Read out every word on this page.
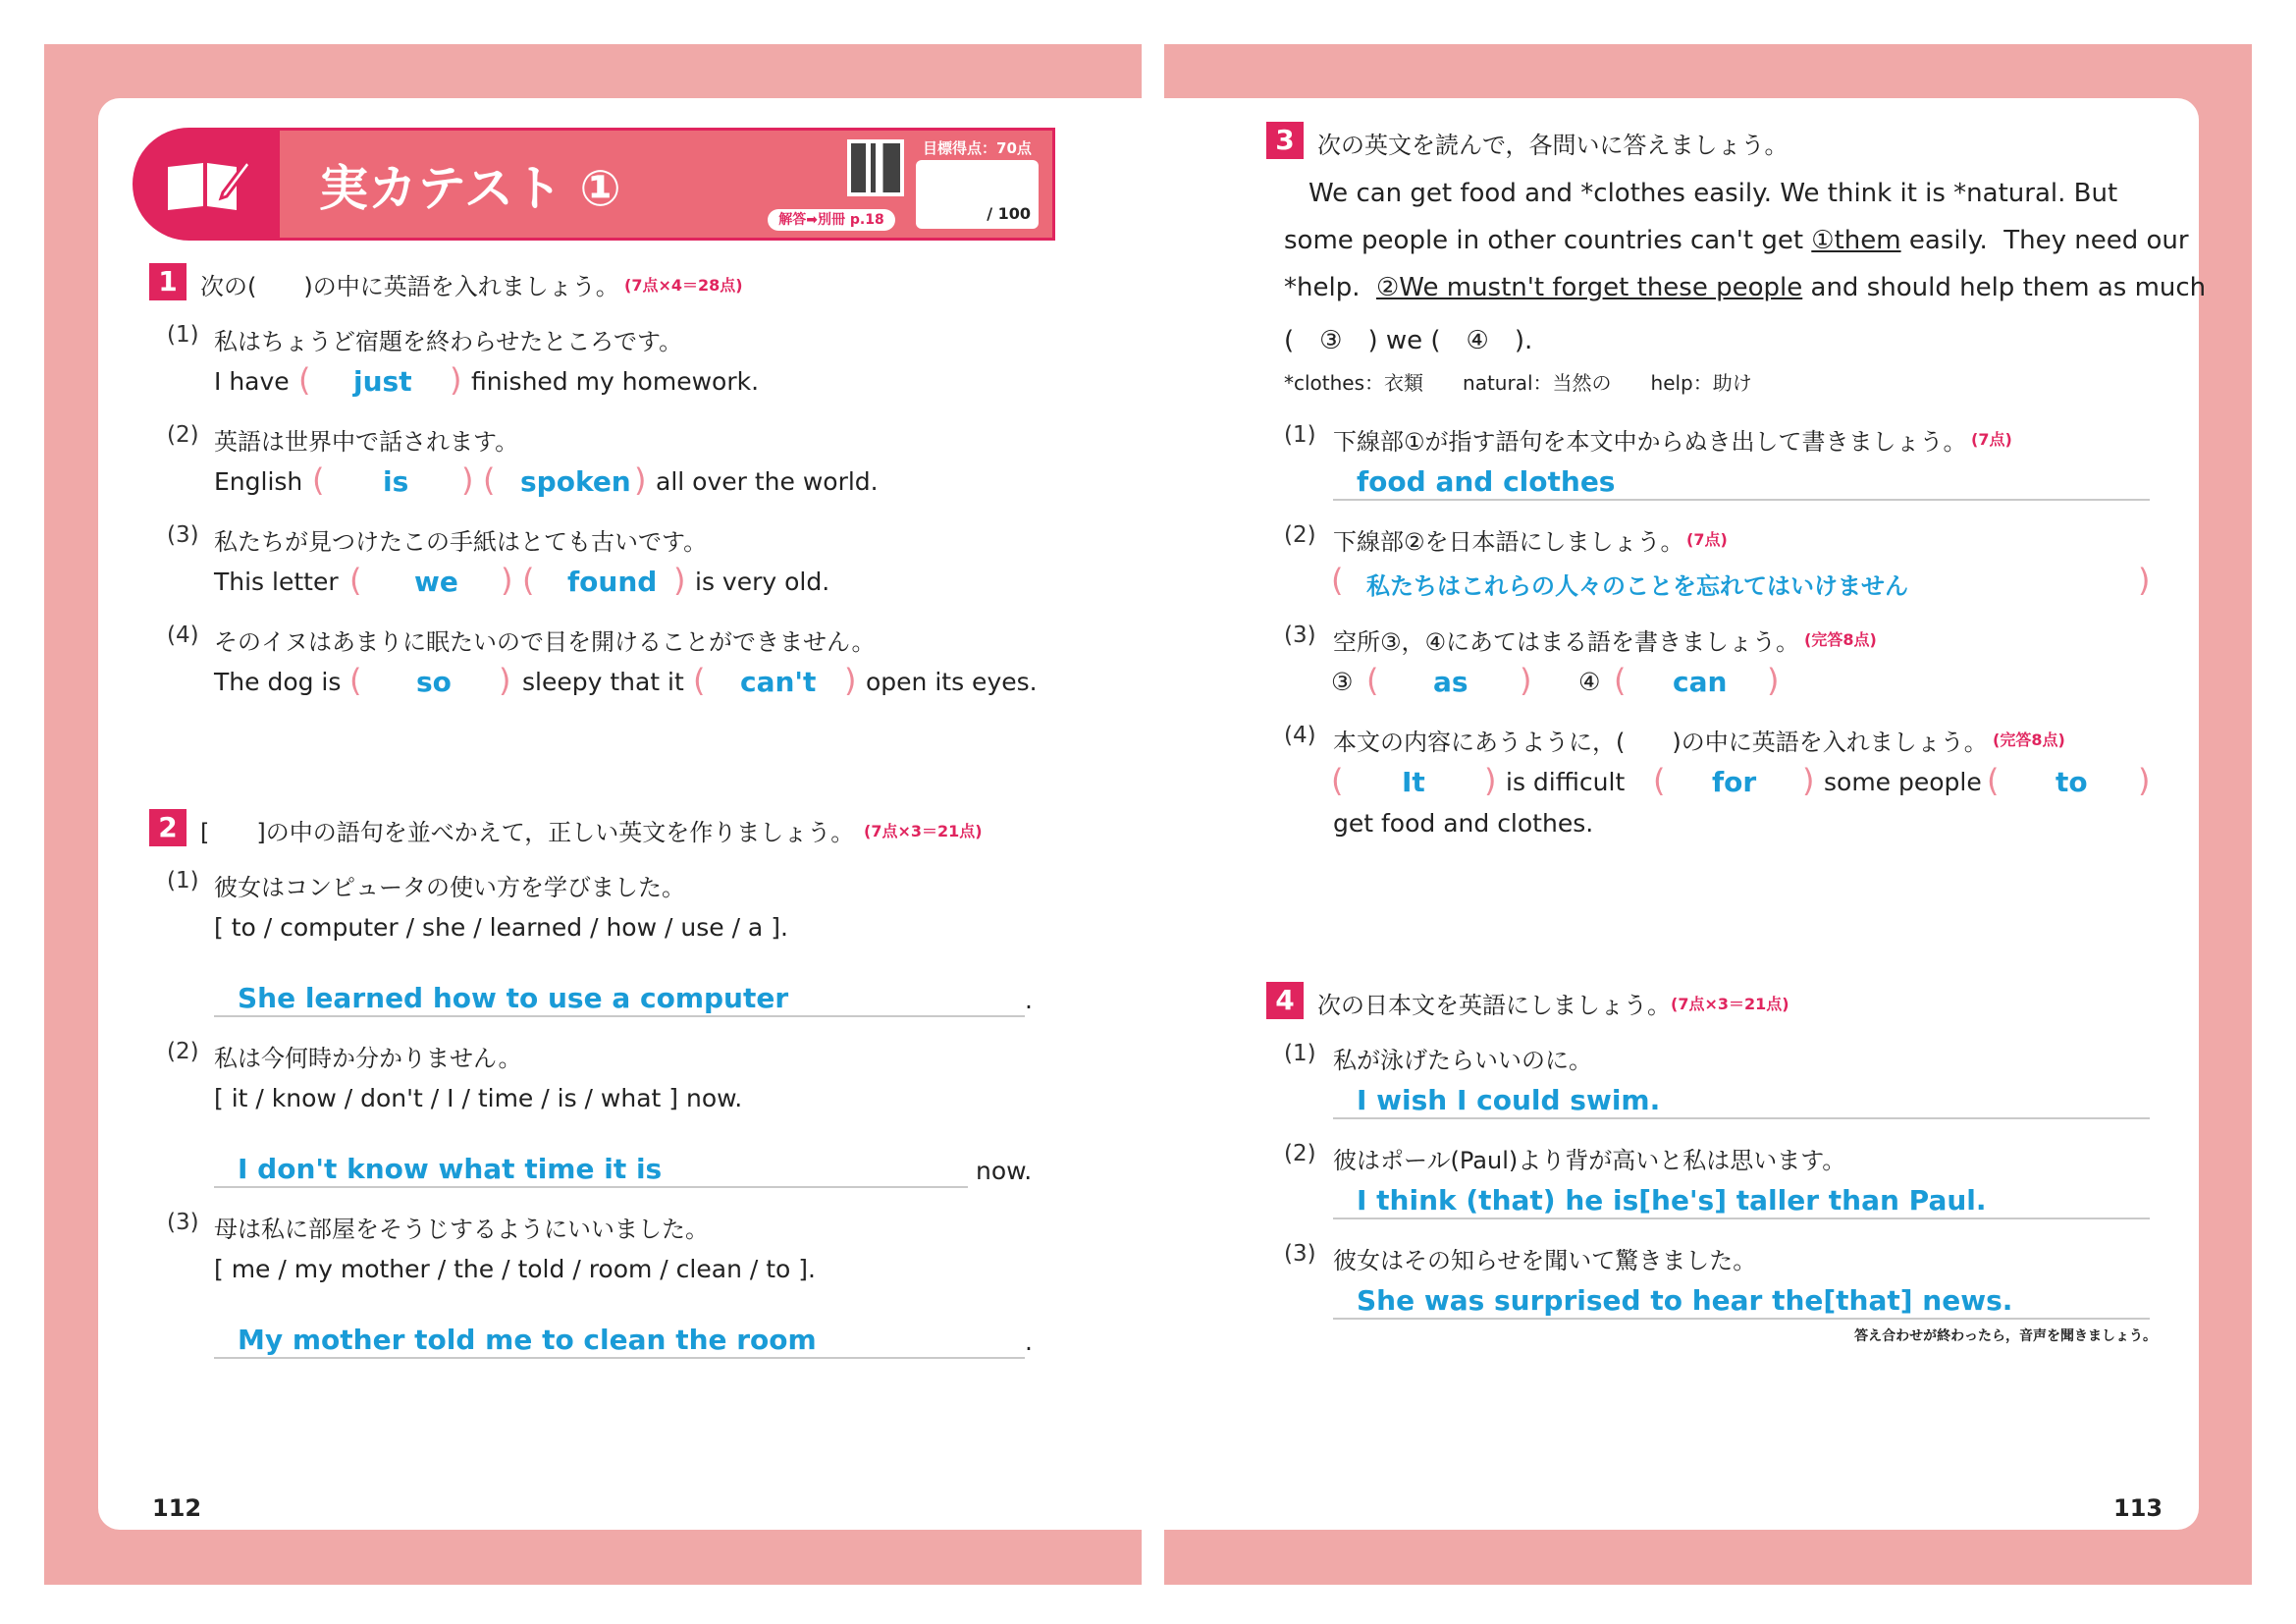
実カテスト ①
解答➡別冊 p.18
目標得点：70点
/ 100
1 次の(　　)の中に英語を入れましょう。 (7点×4＝28点)
(1) 私はちょうど宿題を終わらせたところです。
I have ( just ) finished my homework.
(2) 英語は世界中で話されます。
English ( is ) ( spoken ) all over the world.
(3) 私たちが見つけたこの手紙はとても古いです。
This letter ( we ) ( found ) is very old.
(4) そのイヌはあまりに眠たいので目を開けることができません。
The dog is ( so ) sleepy that it ( can't ) open its eyes.
2 [　　]の中の語句を並べかえて，正しい英文を作りましょう。 (7点×3＝21点)
(1) 彼女はコンピュータの使い方を学びました。
[ to / computer / she / learned / how / use / a ].
She learned how to use a computer	.
(2) 私は今何時か分かりません。
[ it / know / don't / I / time / is / what ] now.
I don't know what time it is	now.
(3) 母は私に部屋をそうじするようにいいました。
[ me / my mother / the / told / room / clean / to ].
My mother told me to clean the room	.
112
3 次の英文を読んで，各問いに答えましょう。
We can get food and *clothes easily. We think it is *natural. But
some people in other countries can't get ①them easily.  They need our
*help.  ②We mustn't forget these people and should help them as much
(　③　) we (　④　).
*clothes：衣類　　natural：当然の　　help：助け
(1) 下線部①が指す語句を本文中からぬき出して書きましょう。 (7点)
food and clothes
(2) 下線部②を日本語にしましょう。 (7点)
( 私たちはこれらの人々のことを忘れてはいけません	)
(3) 空所③，④にあてはまる語を書きましょう。 (完答8点)
③ ( as ) ④ ( can )
(4) 本文の内容にあうように，(　　)の中に英語を入れましょう。 (完答8点)
( It ) is difficult ( for ) some people ( to )
get food and clothes.
4 次の日本文を英語にしましょう。 (7点×3＝21点)
(1) 私が泳げたらいいのに。
I wish I could swim.
(2) 彼はポール(Paul)より背が高いと私は思います。
I think (that) he is[he's] taller than Paul.
(3) 彼女はその知らせを聞いて驚きました。
She was surprised to hear the[that] news.
答え合わせが終わったら，音声を聞きましょう。
113
